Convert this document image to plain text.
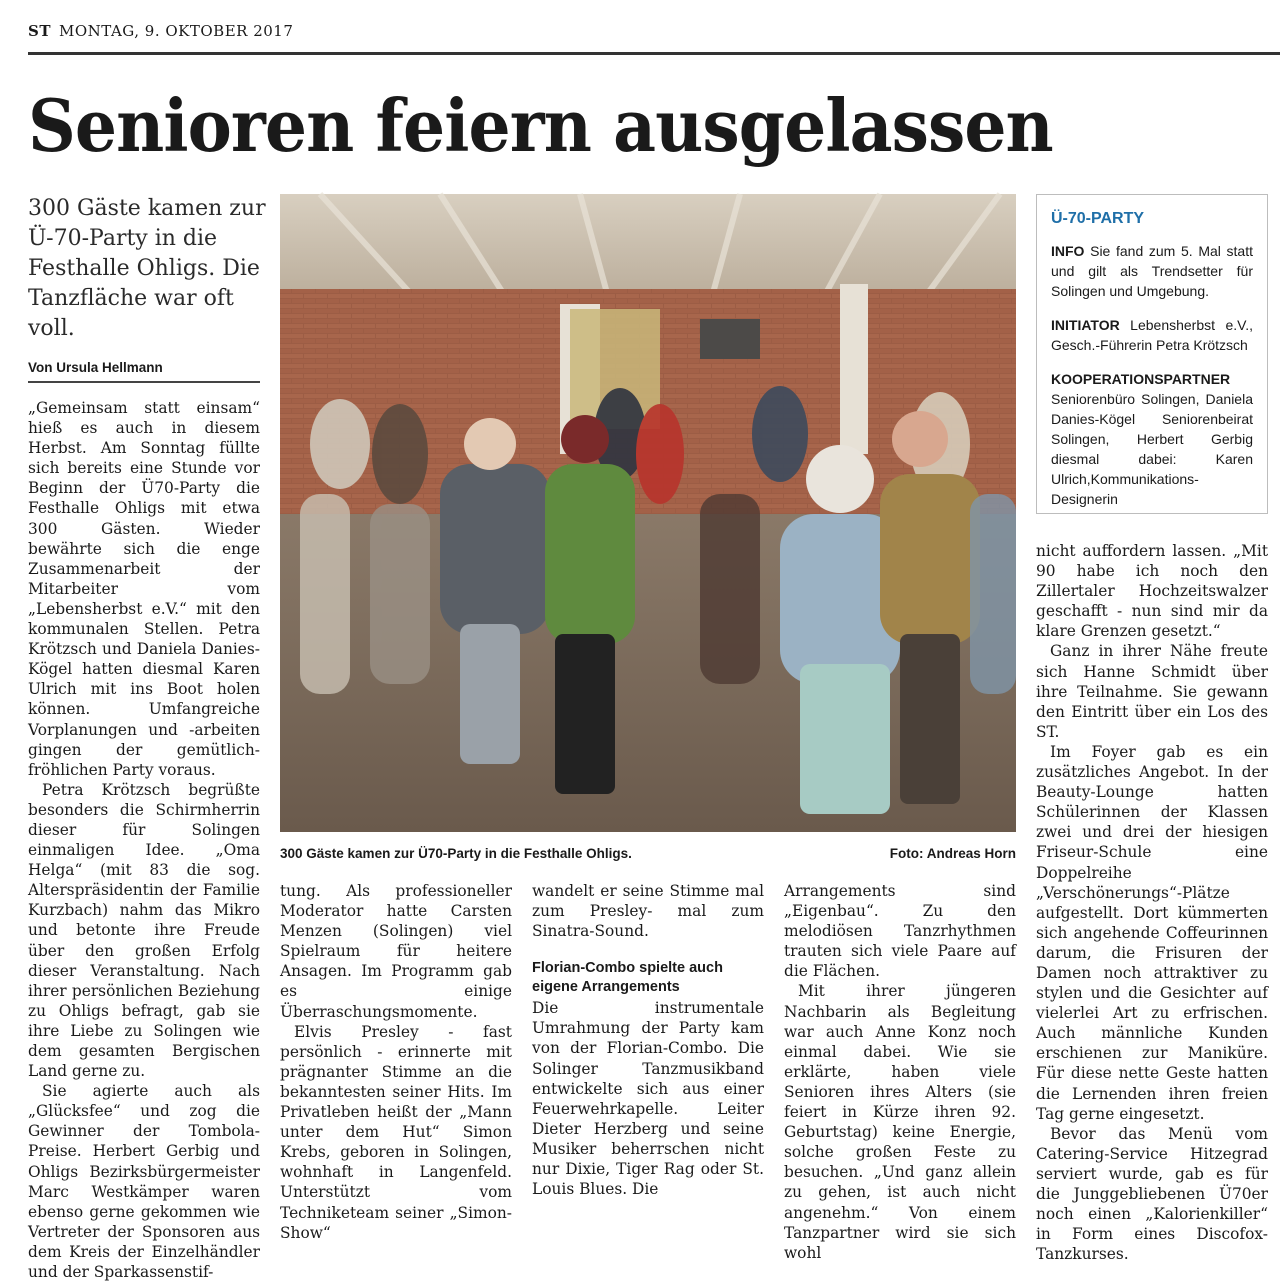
ST MONTAG, 9. OKTOBER 2017
Senioren feiern ausgelassen
300 Gäste kamen zur Ü-70-Party in die Festhalle Ohligs. Die Tanzfläche war oft voll.
Von Ursula Hellmann

„Gemeinsam statt einsam“ hieß es auch in diesem Herbst. Am Sonntag füllte sich bereits eine Stunde vor Beginn der Ü70-Party die Festhalle Ohligs mit etwa 300 Gästen. Wieder bewährte sich die enge Zusammenarbeit der Mitarbeiter vom „Lebensherbst e.V.“ mit den kommunalen Stellen. Petra Krötzsch und Daniela Danies-Kögel hatten diesmal Karen Ulrich mit ins Boot holen können. Umfangreiche Vorplanungen und -arbeiten gingen der gemütlich-fröhlichen Party voraus.

Petra Krötzsch begrüßte besonders die Schirmherrin dieser für Solingen einmaligen Idee. „Oma Helga“ (mit 83 die sog. Alterspräsidentin der Familie Kurzbach) nahm das Mikro und betonte ihre Freude über den großen Erfolg dieser Veranstaltung. Nach ihrer persönlichen Beziehung zu Ohligs befragt, gab sie ihre Liebe zu Solingen wie dem gesamten Bergischen Land gerne zu.

Sie agierte auch als „Glücksfee“ und zog die Gewinner der Tombola-Preise. Herbert Gerbig und Ohligs Bezirksbürgermeister Marc Westkämper waren ebenso gerne gekommen wie Vertreter der Sponsoren aus dem Kreis der Einzelhändler und der Sparkassenstif-

300 Gäste kamen zur Ü70-Party in die Festhalle Ohligs.	Foto: Andreas Horn
Ü-70-PARTY

INFO Sie fand zum 5. Mal statt und gilt als Trendsetter für Solingen und Umgebung.

INITIATOR Lebensherbst e.V., Gesch.-Führerin Petra Krötzsch

KOOPERATIONSPARTNER Seniorenbüro Solingen, Daniela Danies-Kögel Seniorenbeirat Solingen, Herbert Gerbig diesmal dabei: Karen Ulrich,Kommunikations-Designerin

tung. Als professioneller Moderator hatte Carsten Menzen (Solingen) viel Spielraum für heitere Ansagen. Im Programm gab es einige Überraschungsmomente.

Elvis Presley - fast persönlich - erinnerte mit prägnanter Stimme an die bekanntesten seiner Hits. Im Privatleben heißt der „Mann unter dem Hut“ Simon Krebs, geboren in Solingen, wohnhaft in Langenfeld. Unterstützt vom Techniketeam seiner „Simon-Show“

wandelt er seine Stimme mal zum Presley- mal zum Sinatra-Sound.

Florian-Combo spielte auch eigene Arrangements
Die instrumentale Umrahmung der Party kam von der Florian-Combo. Die Solinger Tanzmusikband entwickelte sich aus einer Feuerwehrkapelle. Leiter Dieter Herzberg und seine Musiker beherrschen nicht nur Dixie, Tiger Rag oder St. Louis Blues. Die

Arrangements sind „Eigenbau“. Zu den melodiösen Tanzrhythmen trauten sich viele Paare auf die Flächen.

Mit ihrer jüngeren Nachbarin als Begleitung war auch Anne Konz noch einmal dabei. Wie sie erklärte, haben viele Senioren ihres Alters (sie feiert in Kürze ihren 92. Geburtstag) keine Energie, solche großen Feste zu besuchen. „Und ganz allein zu gehen, ist auch nicht angenehm.“ Von einem Tanzpartner wird sie sich wohl

nicht auffordern lassen. „Mit 90 habe ich noch den Zillertaler Hochzeitswalzer geschafft - nun sind mir da klare Grenzen gesetzt.“

Ganz in ihrer Nähe freute sich Hanne Schmidt über ihre Teilnahme. Sie gewann den Eintritt über ein Los des ST.

Im Foyer gab es ein zusätzliches Angebot. In der Beauty-Lounge hatten Schülerinnen der Klassen zwei und drei der hiesigen Friseur-Schule eine Doppelreihe „Verschönerungs“-Plätze aufgestellt. Dort kümmerten sich angehende Coffeurinnen darum, die Frisuren der Damen noch attraktiver zu stylen und die Gesichter auf vielerlei Art zu erfrischen. Auch männliche Kunden erschienen zur Maniküre. Für diese nette Geste hatten die Lernenden ihren freien Tag gerne eingesetzt.

Bevor das Menü vom Catering-Service Hitzegrad serviert wurde, gab es für die Junggebliebenen Ü70er noch einen „Kalorienkiller“ in Form eines Discofox-Tanzkurses.
